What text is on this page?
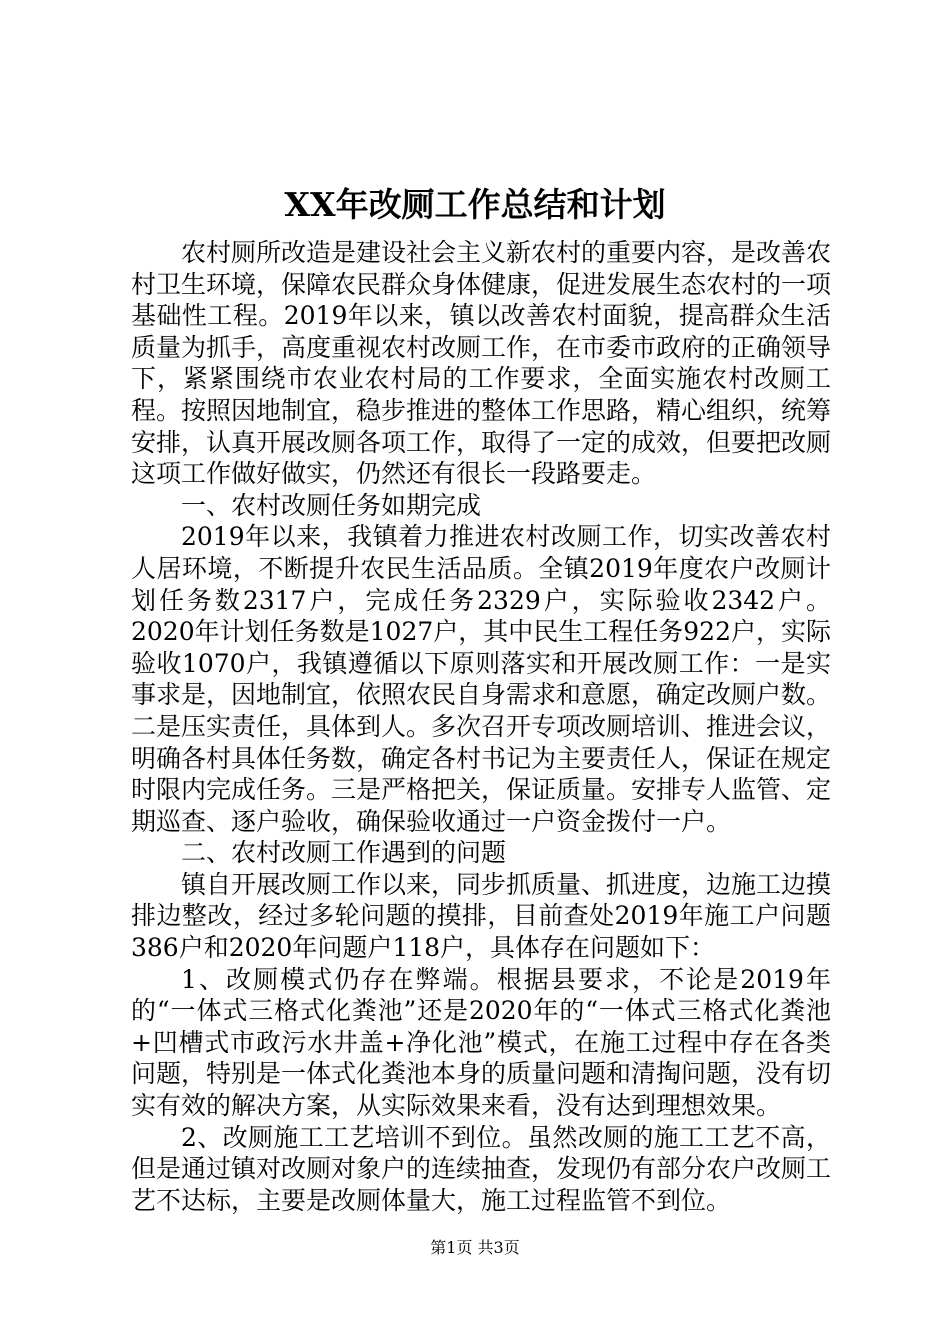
XX年改厕工作总结和计划

农村厕所改造是建设社会主义新农村的重要内容，是改善农村卫生环境，保障农民群众身体健康，促进发展生态农村的一项基础性工程。2019年以来，镇以改善农村面貌，提高群众生活质量为抓手，高度重视农村改厕工作，在市委市政府的正确领导下，紧紧围绕市农业农村局的工作要求，全面实施农村改厕工程。按照因地制宜，稳步推进的整体工作思路，精心组织，统筹安排，认真开展改厕各项工作，取得了一定的成效，但要把改厕这项工作做好做实，仍然还有很长一段路要走。

一、农村改厕任务如期完成

2019年以来，我镇着力推进农村改厕工作，切实改善农村人居环境，不断提升农民生活品质。全镇2019年度农户改厕计划任务数2317户，完成任务2329户，实际验收2342户。2020年计划任务数是1027户，其中民生工程任务922户，实际验收1070户，我镇遵循以下原则落实和开展改厕工作：一是实事求是，因地制宜，依照农民自身需求和意愿，确定改厕户数。二是压实责任，具体到人。多次召开专项改厕培训、推进会议，明确各村具体任务数，确定各村书记为主要责任人，保证在规定时限内完成任务。三是严格把关，保证质量。安排专人监管、定期巡查、逐户验收，确保验收通过一户资金拨付一户。

二、农村改厕工作遇到的问题

镇自开展改厕工作以来，同步抓质量、抓进度，边施工边摸排边整改，经过多轮问题的摸排，目前查处2019年施工户问题386户和2020年问题户118户，具体存在问题如下：

1、改厕模式仍存在弊端。根据县要求，不论是2019年的“一体式三格式化粪池”还是2020年的“一体式三格式化粪池+凹槽式市政污水井盖+净化池”模式，在施工过程中存在各类问题，特别是一体式化粪池本身的质量问题和清掏问题，没有切实有效的解决方案，从实际效果来看，没有达到理想效果。

2、改厕施工工艺培训不到位。虽然改厕的施工工艺不高，但是通过镇对改厕对象户的连续抽查，发现仍有部分农户改厕工艺不达标，主要是改厕体量大，施工过程监管不到位。

第1页 共3页
